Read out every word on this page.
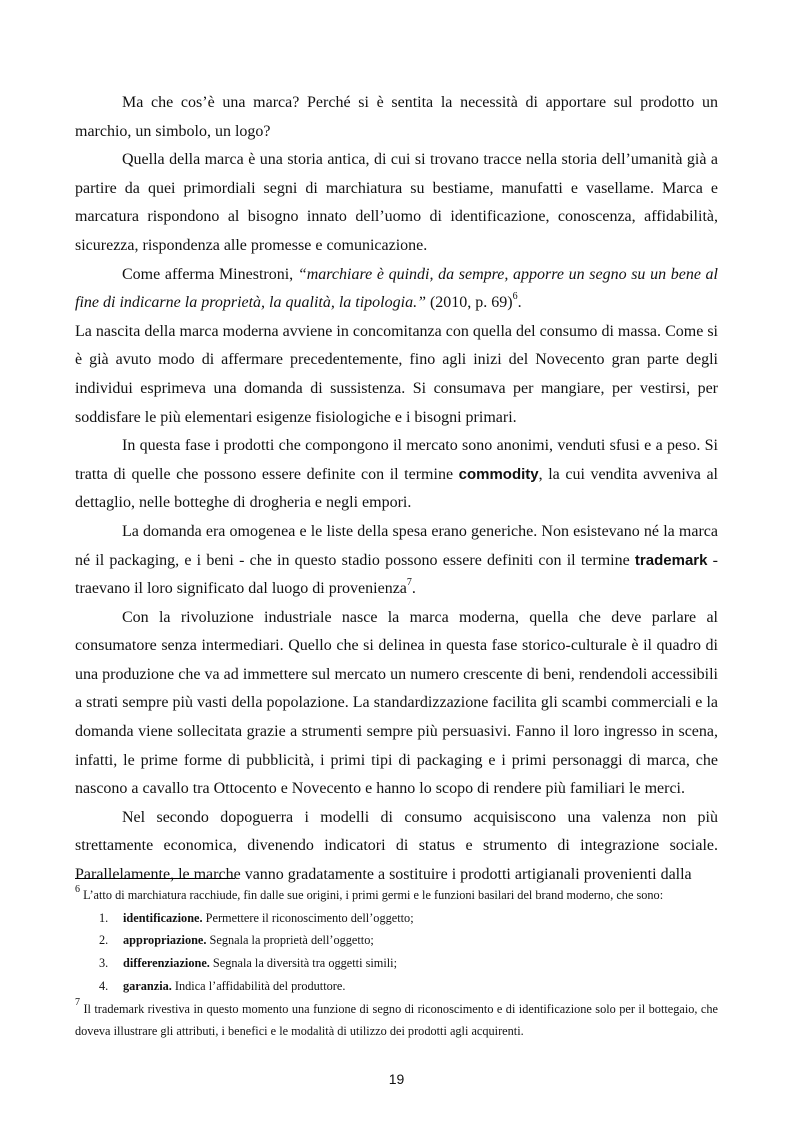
Ma che cos’è una marca? Perché si è sentita la necessità di apportare sul prodotto un marchio, un simbolo, un logo?

Quella della marca è una storia antica, di cui si trovano tracce nella storia dell’umanità già a partire da quei primordiali segni di marchiatura su bestiame, manufatti e vasellame. Marca e marcatura rispondono al bisogno innato dell’uomo di identificazione, conoscenza, affidabilità, sicurezza, rispondenza alle promesse e comunicazione.

Come afferma Minestroni, “marchiare è quindi, da sempre, apporre un segno su un bene al fine di indicarne la proprietà, la qualità, la tipologia.” (2010, p. 69)$^6$.

La nascita della marca moderna avviene in concomitanza con quella del consumo di massa. Come si è già avuto modo di affermare precedentemente, fino agli inizi del Novecento gran parte degli individui esprimeva una domanda di sussistenza. Si consumava per mangiare, per vestirsi, per soddisfare le più elementari esigenze fisiologiche e i bisogni primari.

In questa fase i prodotti che compongono il mercato sono anonimi, venduti sfusi e a peso. Si tratta di quelle che possono essere definite con il termine commodity, la cui vendita avveniva al dettaglio, nelle botteghe di drogheria e negli empori.

La domanda era omogenea e le liste della spesa erano generiche. Non esistevano né la marca né il packaging, e i beni - che in questo stadio possono essere definiti con il termine trademark - traevano il loro significato dal luogo di provenienza$^7$.

Con la rivoluzione industriale nasce la marca moderna, quella che deve parlare al consumatore senza intermediari. Quello che si delinea in questa fase storico-culturale è il quadro di una produzione che va ad immettere sul mercato un numero crescente di beni, rendendoli accessibili a strati sempre più vasti della popolazione. La standardizzazione facilita gli scambi commerciali e la domanda viene sollecitata grazie a strumenti sempre più persuasivi. Fanno il loro ingresso in scena, infatti, le prime forme di pubblicità, i primi tipi di packaging e i primi personaggi di marca, che nascono a cavallo tra Ottocento e Novecento e hanno lo scopo di rendere più familiari le merci.

Nel secondo dopoguerra i modelli di consumo acquisiscono una valenza non più strettamente economica, divenendo indicatori di status e strumento di integrazione sociale. Parallelamente, le marche vanno gradatamente a sostituire i prodotti artigianali provenienti dalla

$^6$ L’atto di marchiatura racchiude, fin dalle sue origini, i primi germi e le funzioni basilari del brand moderno, che sono:

1. identificazione. Permettere il riconoscimento dell’oggetto;
2. appropriazione. Segnala la proprietà dell’oggetto;
3. differenziazione. Segnala la diversità tra oggetti simili;
4. garanzia. Indica l’affidabilità del produttore.

$^7$ Il trademark rivestiva in questo momento una funzione di segno di riconoscimento e di identificazione solo per il bottegaio, che doveva illustrare gli attributi, i benefici e le modalità di utilizzo dei prodotti agli acquirenti.

19
